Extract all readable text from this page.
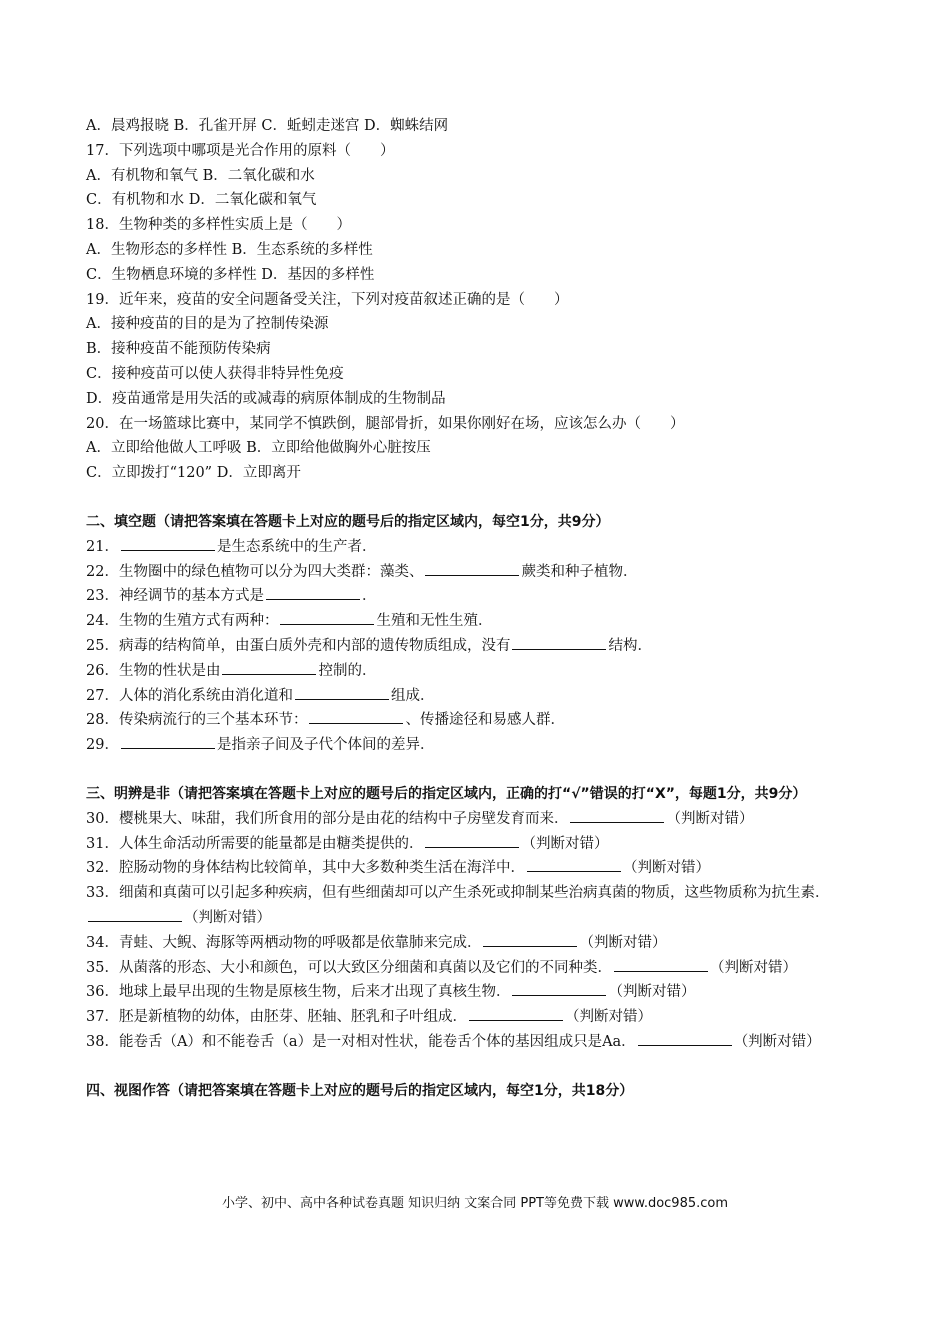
A．晨鸡报晓 B．孔雀开屏 C．蚯蚓走迷宫 D．蜘蛛结网
17．下列选项中哪项是光合作用的原料（　　）
A．有机物和氧气 B．二氧化碳和水
C．有机物和水 D．二氧化碳和氧气
18．生物种类的多样性实质上是（　　）
A．生物形态的多样性 B．生态系统的多样性
C．生物栖息环境的多样性 D．基因的多样性
19．近年来，疫苗的安全问题备受关注，下列对疫苗叙述正确的是（　　）
A．接种疫苗的目的是为了控制传染源
B．接种疫苗不能预防传染病
C．接种疫苗可以使人获得非特异性免疫
D．疫苗通常是用失活的或减毒的病原体制成的生物制品
20．在一场篮球比赛中，某同学不慎跌倒，腿部骨折，如果你刚好在场，应该怎么办（　　）
A．立即给他做人工呼吸 B．立即给他做胸外心脏按压
C．立即拨打“120” D．立即离开
二、填空题（请把答案填在答题卡上对应的题号后的指定区域内，每空1分，共9分）
21．	是生态系统中的生产者．
22．生物圈中的绿色植物可以分为四大类群：藻类、	蕨类和种子植物．
23．神经调节的基本方式是	．
24．生物的生殖方式有两种：	生殖和无性生殖．
25．病毒的结构简单，由蛋白质外壳和内部的遗传物质组成，没有	结构．
26．生物的性状是由	控制的．
27．人体的消化系统由消化道和	组成．
28．传染病流行的三个基本环节：	、传播途径和易感人群．
29．	是指亲子间及子代个体间的差异．
三、明辨是非（请把答案填在答题卡上对应的题号后的指定区域内，正确的打“√”错误的打“X”，每题1分，共9分）
30．樱桃果大、味甜，我们所食用的部分是由花的结构中子房壁发育而来．	（判断对错）
31．人体生命活动所需要的能量都是由糖类提供的．	（判断对错）
32．腔肠动物的身体结构比较简单，其中大多数种类生活在海洋中．	（判断对错）
33．细菌和真菌可以引起多种疾病，但有些细菌却可以产生杀死或抑制某些治病真菌的物质，这些物质称为抗生素．（判断对错）
34．青蛙、大鲵、海豚等两栖动物的呼吸都是依靠肺来完成．	（判断对错）
35．从菌落的形态、大小和颜色，可以大致区分细菌和真菌以及它们的不同种类．	（判断对错）
36．地球上最早出现的生物是原核生物，后来才出现了真核生物．	（判断对错）
37．胚是新植物的幼体，由胚芽、胚轴、胚乳和子叶组成．	（判断对错）
38．能卷舌（A）和不能卷舌（a）是一对相对性状，能卷舌个体的基因组成只是Aa．	（判断对错）
四、视图作答（请把答案填在答题卡上对应的题号后的指定区域内，每空1分，共18分）
小学、初中、高中各种试卷真题 知识归纳 文案合同 PPT等免费下载 www.doc985.com
